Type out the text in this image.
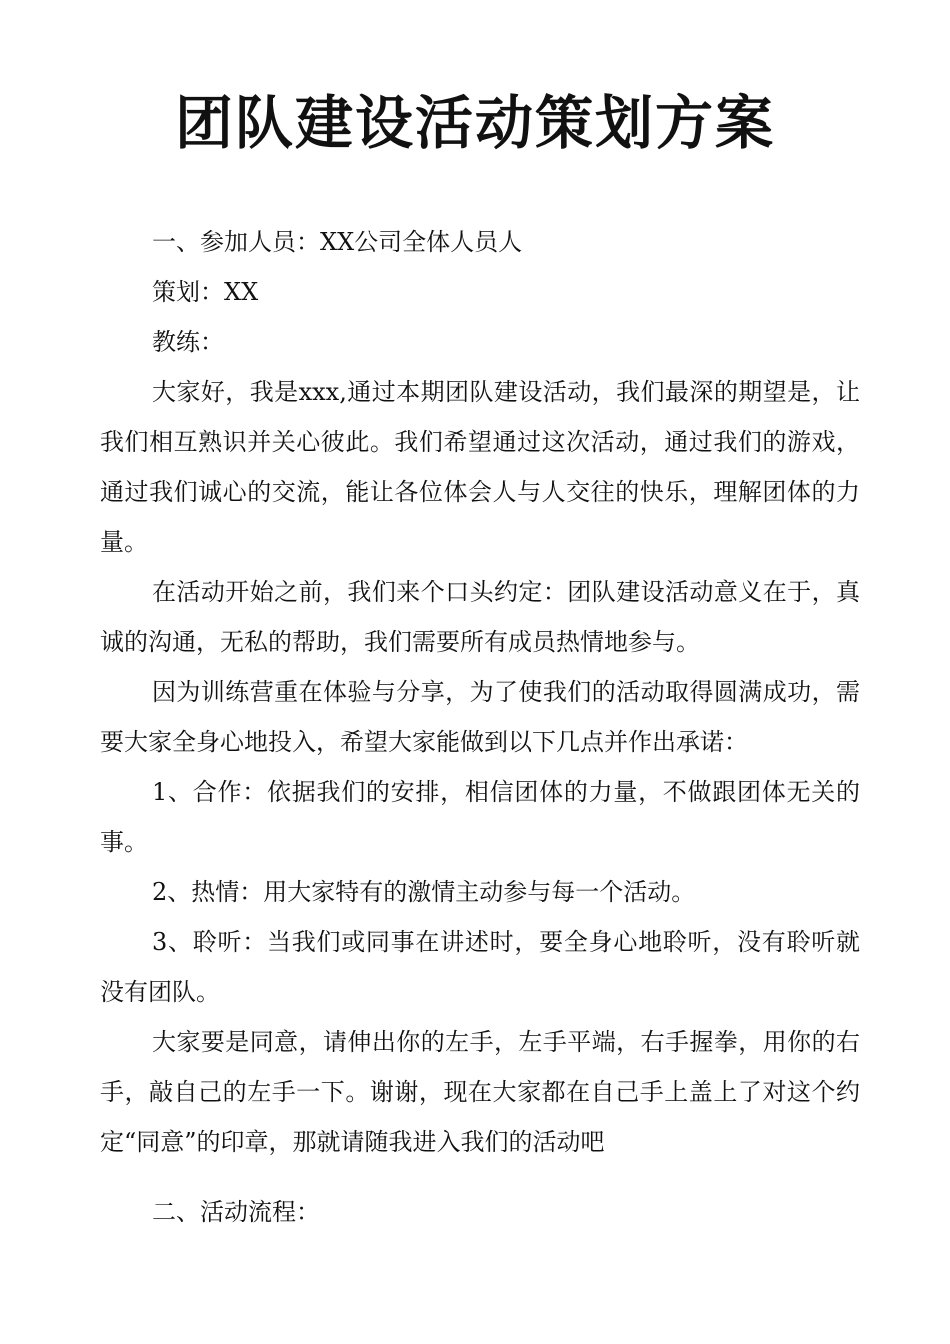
团队建设活动策划方案

一、参加人员：XX公司全体人员人

策划：XX

教练：

大家好，我是xxx,通过本期团队建设活动，我们最深的期望是，让我们相互熟识并关心彼此。我们希望通过这次活动，通过我们的游戏，通过我们诚心的交流，能让各位体会人与人交往的快乐，理解团体的力量。

在活动开始之前，我们来个口头约定：团队建设活动意义在于，真诚的沟通，无私的帮助，我们需要所有成员热情地参与。

因为训练营重在体验与分享，为了使我们的活动取得圆满成功，需要大家全身心地投入，希望大家能做到以下几点并作出承诺：

1、合作：依据我们的安排，相信团体的力量，不做跟团体无关的事。

2、热情：用大家特有的激情主动参与每一个活动。

3、聆听：当我们或同事在讲述时，要全身心地聆听，没有聆听就没有团队。

大家要是同意，请伸出你的左手，左手平端，右手握拳，用你的右手，敲自己的左手一下。谢谢，现在大家都在自己手上盖上了对这个约定“同意”的印章，那就请随我进入我们的活动吧

二、活动流程：
